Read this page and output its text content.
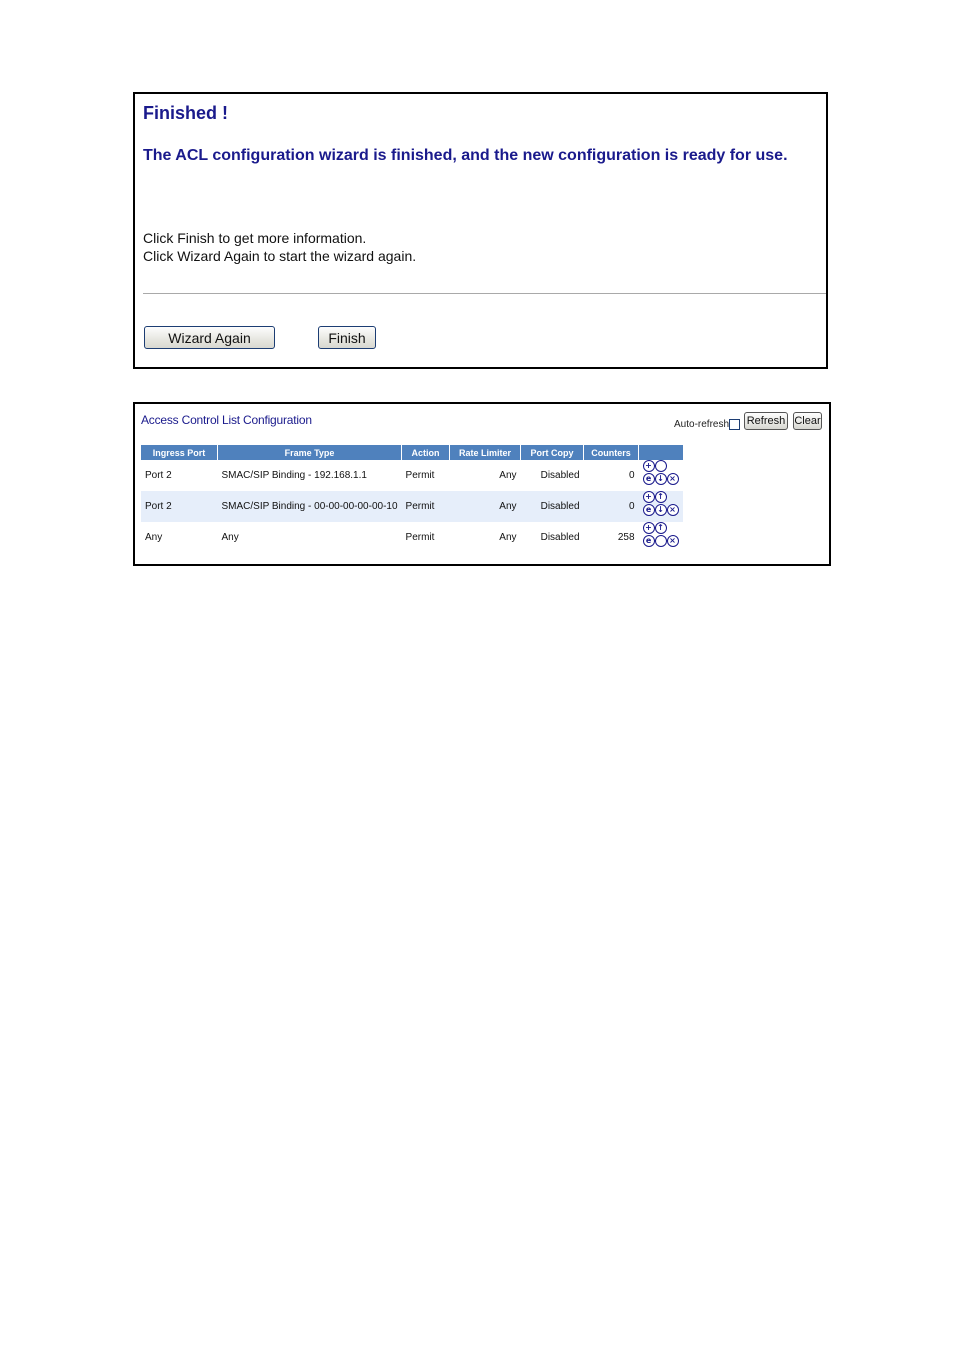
Finished !
The ACL configuration wizard is finished, and the new configuration is ready for use.
Click Finish to get more information.
Click Wizard Again to start the wizard again.
Wizard Again	Finish
Access Control List Configuration	Auto-refresh Refresh Clear
Ingress Port	Frame Type	Action	Rate Limiter	Port Copy	Counters	
Port 2	SMAC/SIP Binding - 192.168.1.1	Permit	Any	Disabled	0	+
e ↓ ×

Port 2	SMAC/SIP Binding - 00-00-00-00-00-10	Permit	Any	Disabled	0	+ ↑
e ↓ ×

Any	Any	Permit	Any	Disabled	258	+ ↑
e ×
